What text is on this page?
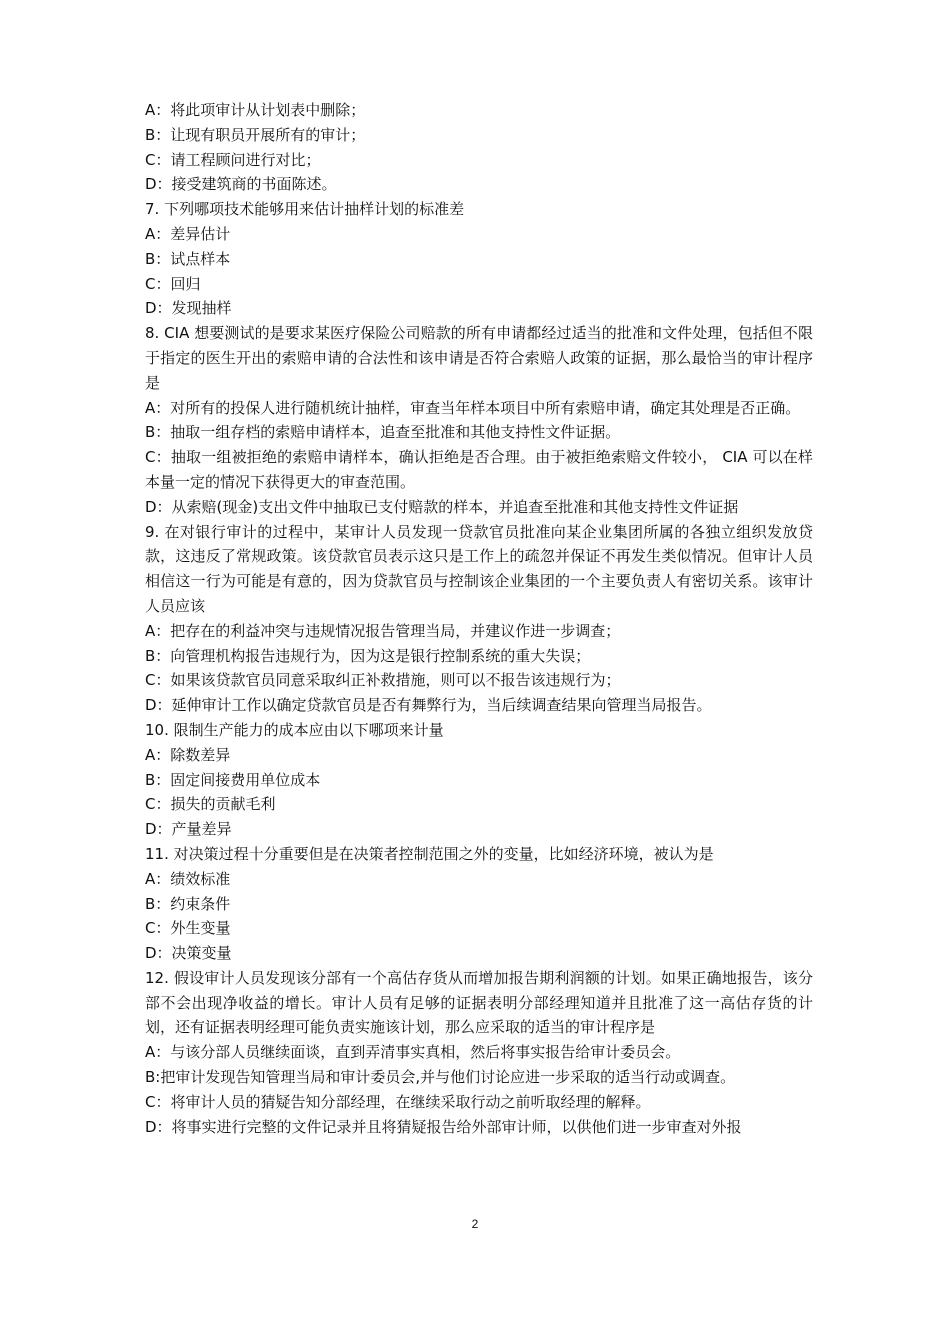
A：将此项审计从计划表中删除；
B：让现有职员开展所有的审计；
C：请工程顾问进行对比；
D：接受建筑商的书面陈述。
7. 下列哪项技术能够用来估计抽样计划的标准差
A：差异估计
B：试点样本
C：回归
D：发现抽样
8. CIA 想要测试的是要求某医疗保险公司赔款的所有申请都经过适当的批准和文件处理，包括但不限于指定的医生开出的索赔申请的合法性和该申请是否符合索赔人政策的证据，那么最恰当的审计程序是
A：对所有的投保人进行随机统计抽样，审查当年样本项目中所有索赔申请，确定其处理是否正确。
B：抽取一组存档的索赔申请样本，追查至批准和其他支持性文件证据。
C：抽取一组被拒绝的索赔申请样本，确认拒绝是否合理。由于被拒绝索赔文件较小， CIA 可以在样本量一定的情况下获得更大的审查范围。
D：从索赔(现金)支出文件中抽取已支付赔款的样本，并追查至批准和其他支持性文件证据
9. 在对银行审计的过程中，某审计人员发现一贷款官员批准向某企业集团所属的各独立组织发放贷款，这违反了常规政策。该贷款官员表示这只是工作上的疏忽并保证不再发生类似情况。但审计人员相信这一行为可能是有意的，因为贷款官员与控制该企业集团的一个主要负责人有密切关系。该审计人员应该
A：把存在的利益冲突与违规情况报告管理当局，并建议作进一步调查；
B：向管理机构报告违规行为，因为这是银行控制系统的重大失误；
C：如果该贷款官员同意采取纠正补救措施，则可以不报告该违规行为；
D：延伸审计工作以确定贷款官员是否有舞弊行为，当后续调查结果向管理当局报告。
10. 限制生产能力的成本应由以下哪项来计量
A：除数差异
B：固定间接费用单位成本
C：损失的贡献毛利
D：产量差异
11. 对决策过程十分重要但是在决策者控制范围之外的变量，比如经济环境，被认为是
A：绩效标准
B：约束条件
C：外生变量
D：决策变量
12. 假设审计人员发现该分部有一个高估存货从而增加报告期利润额的计划。如果正确地报告，该分部不会出现净收益的增长。审计人员有足够的证据表明分部经理知道并且批准了这一高估存货的计划，还有证据表明经理可能负责实施该计划，那么应采取的适当的审计程序是
A：与该分部人员继续面谈，直到弄清事实真相，然后将事实报告给审计委员会。
B:把审计发现告知管理当局和审计委员会,并与他们讨论应进一步采取的适当行动或调查。
C：将审计人员的猜疑告知分部经理，在继续采取行动之前听取经理的解释。
D：将事实进行完整的文件记录并且将猜疑报告给外部审计师，以供他们进一步审查对外报
2
